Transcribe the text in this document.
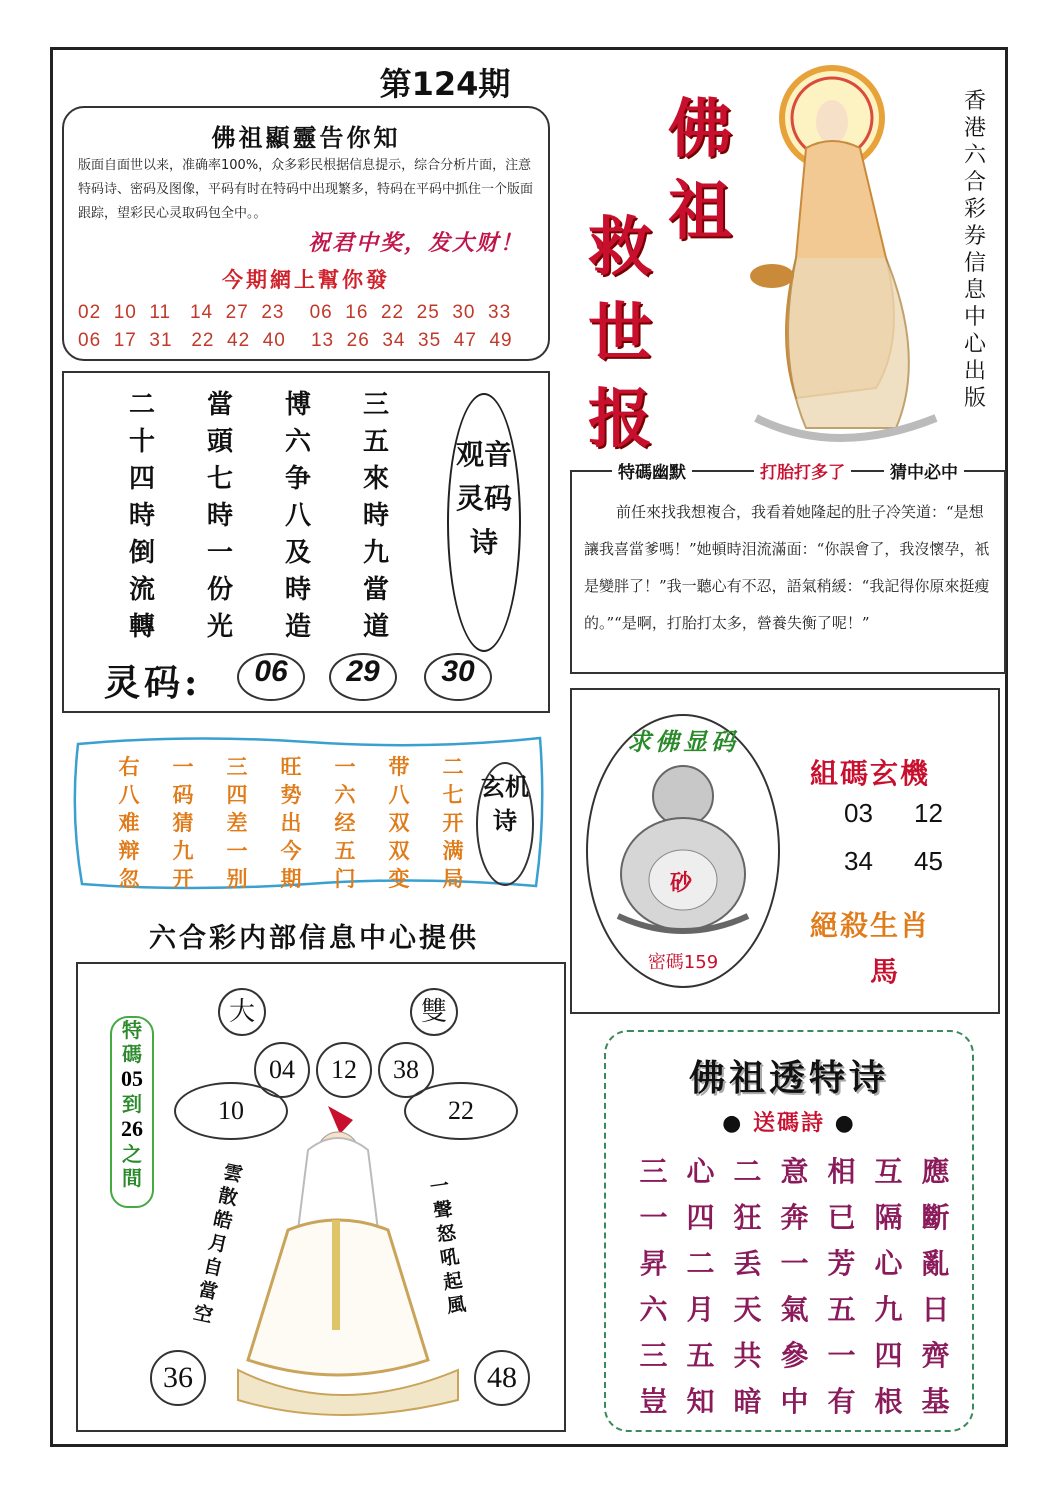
第124期
佛祖顯靈告你知
版面自面世以来，准确率100%，众多彩民根据信息提示，综合分析片面，注意特码诗、密码及图像，平码有时在特码中出现繁多，特码在平码中抓住一个版面跟踪，望彩民心灵取码包全中。。
祝君中奖，发大财！
今期網上幫你發
02  10  11   14  27  23    06  16  22  25  30  33
06  17  31   22  42  40    13  26  34  35  47  49
佛
祖
救
世
报
香港六合彩券信息中心出版
二	當	博	三
十	頭	六	五
四	七	争	來
時	時	八	時
倒	一	及	九
流	份	時	當
轉	光	造	道
观音灵码诗
灵码:	06	29	30
右	一	三	旺	一	带	二
八	码	四	势	六	八	七
难	猜	差	出	经	双	开
辩	九	一	今	五	双	满
忽	开	别	期	门	变	局
玄机诗
六合彩内部信息中心提供
大	雙
04	12	38
10	22
特
碼
05
到
26
之
間	雲散皓月自當空
一聲怒吼起風
36	48
特碼幽默	打胎打多了	猜中必中
前任來找我想複合，我看着她隆起的肚子冷笑道：“是想讓我喜當爹嗎！”她頓時泪流滿面：“你誤會了，我沒懷孕，衹是變胖了！”我一聽心有不忍，語氣稍緩：“我記得你原來挺瘦的。”“是啊，打胎打太多，營養失衡了呢！”
求佛显码
砂
密碼159
組碼玄機
03 12
34 45
絕殺生肖
馬
佛祖透特诗
● 送碼詩 ●
三 心 二 意 相 互 應
一 四 狂 奔 已 隔 斷
昇 二 丢 一 芳 心 亂
六 月 天 氣 五 九 日
三 五 共 參 一 四 齊
豈 知 暗 中 有 根 基
